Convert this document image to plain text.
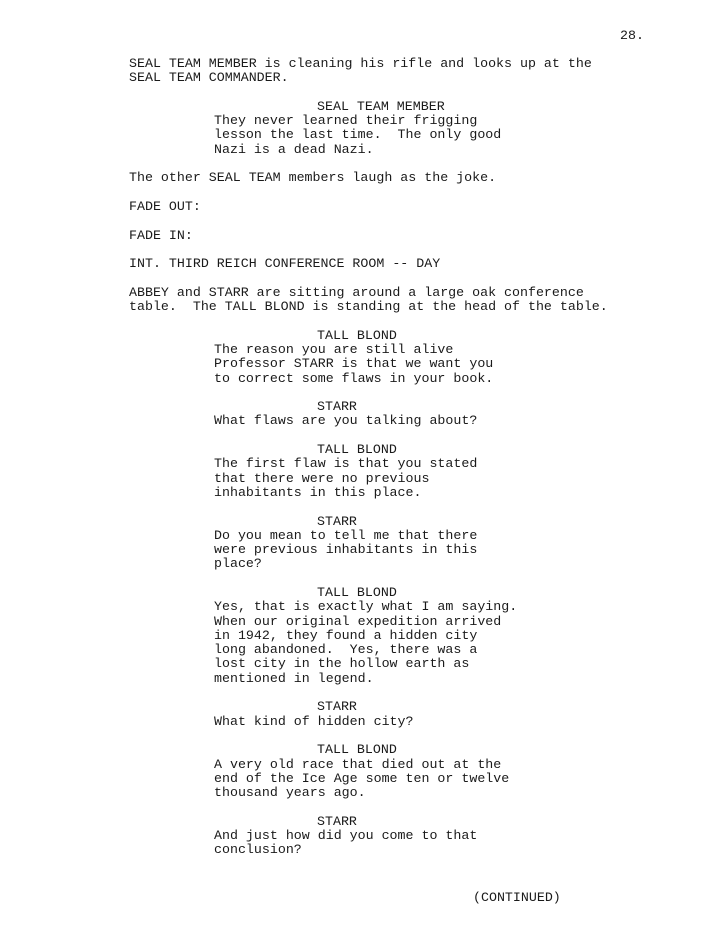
28.
SEAL TEAM MEMBER is cleaning his rifle and looks up at the
SEAL TEAM COMMANDER.
SEAL TEAM MEMBER
They never learned their frigging
lesson the last time.  The only good
Nazi is a dead Nazi.
The other SEAL TEAM members laugh as the joke.
FADE OUT:
FADE IN:
INT. THIRD REICH CONFERENCE ROOM -- DAY
ABBEY and STARR are sitting around a large oak conference
table.  The TALL BLOND is standing at the head of the table.
TALL BLOND
The reason you are still alive
Professor STARR is that we want you
to correct some flaws in your book.
STARR
What flaws are you talking about?
TALL BLOND
The first flaw is that you stated
that there were no previous
inhabitants in this place.
STARR
Do you mean to tell me that there
were previous inhabitants in this
place?
TALL BLOND
Yes, that is exactly what I am saying.
When our original expedition arrived
in 1942, they found a hidden city
long abandoned.  Yes, there was a
lost city in the hollow earth as
mentioned in legend.
STARR
What kind of hidden city?
TALL BLOND
A very old race that died out at the
end of the Ice Age some ten or twelve
thousand years ago.
STARR
And just how did you come to that
conclusion?
(CONTINUED)
